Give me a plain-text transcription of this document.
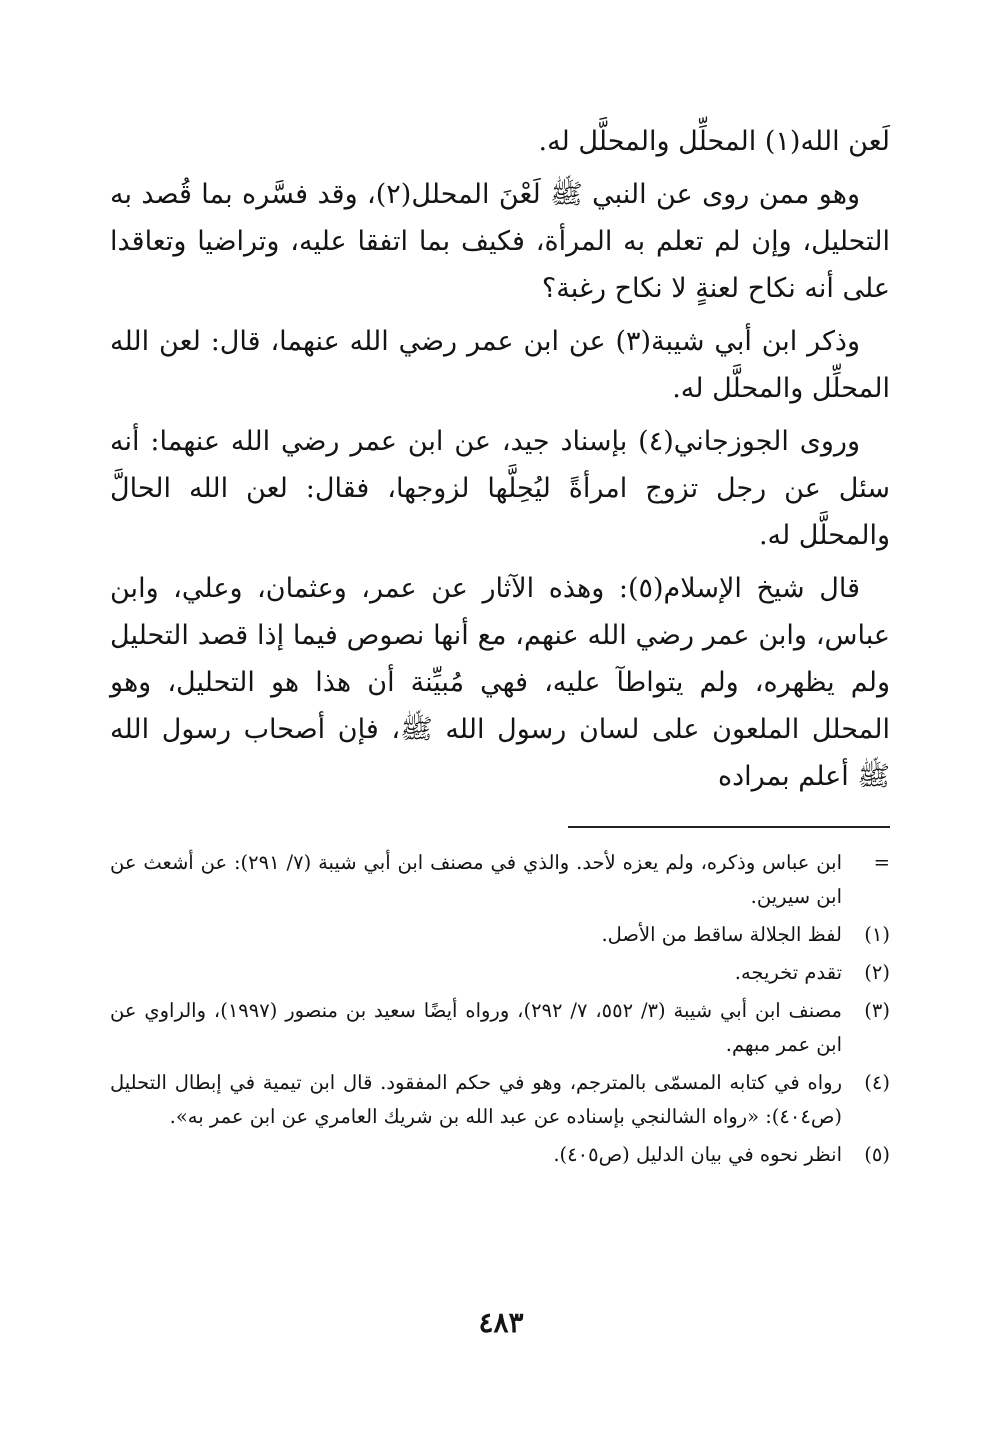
لَعن الله(١) المحلِّل والمحلَّل له.

وهو ممن روى عن النبي ﷺ لَعْنَ المحلل(٢)، وقد فسَّره بما قُصد به التحليل، وإن لم تعلم به المرأة، فكيف بما اتفقا عليه، وتراضيا وتعاقدا على أنه نكاح لعنةٍ لا نكاح رغبة؟

وذكر ابن أبي شيبة(٣) عن ابن عمر رضي الله عنهما، قال: لعن الله المحلِّل والمحلَّل له.

وروى الجوزجاني(٤) بإسناد جيد، عن ابن عمر رضي الله عنهما: أنه سئل عن رجل تزوج امرأةً ليُحِلَّها لزوجها، فقال: لعن الله الحالَّ والمحلَّل له.

قال شيخ الإسلام(٥): وهذه الآثار عن عمر، وعثمان، وعلي، وابن عباس، وابن عمر رضي الله عنهم، مع أنها نصوص فيما إذا قصد التحليل ولم يظهره، ولم يتواطآ عليه، فهي مُبيِّنة أن هذا هو التحليل، وهو المحلل الملعون على لسان رسول الله ﷺ، فإن أصحاب رسول الله ﷺ أعلم بمراده

=
ابن عباس وذكره، ولم يعزه لأحد. والذي في مصنف ابن أبي شيبة (٧/ ٢٩١): عن أشعث عن ابن سيرين.
(١)
لفظ الجلالة ساقط من الأصل.
(٢)
تقدم تخريجه.
(٣)
مصنف ابن أبي شيبة (٣/ ٥٥٢، ٧/ ٢٩٢)، ورواه أيضًا سعيد بن منصور (١٩٩٧)، والراوي عن ابن عمر مبهم.
(٤)
رواه في كتابه المسمّى بالمترجم، وهو في حكم المفقود. قال ابن تيمية في إبطال التحليل (ص٤٠٤): «رواه الشالنجي بإسناده عن عبد الله بن شريك العامري عن ابن عمر به».
(٥)
انظر نحوه في بيان الدليل (ص٤٠٥).
٤٨٣
